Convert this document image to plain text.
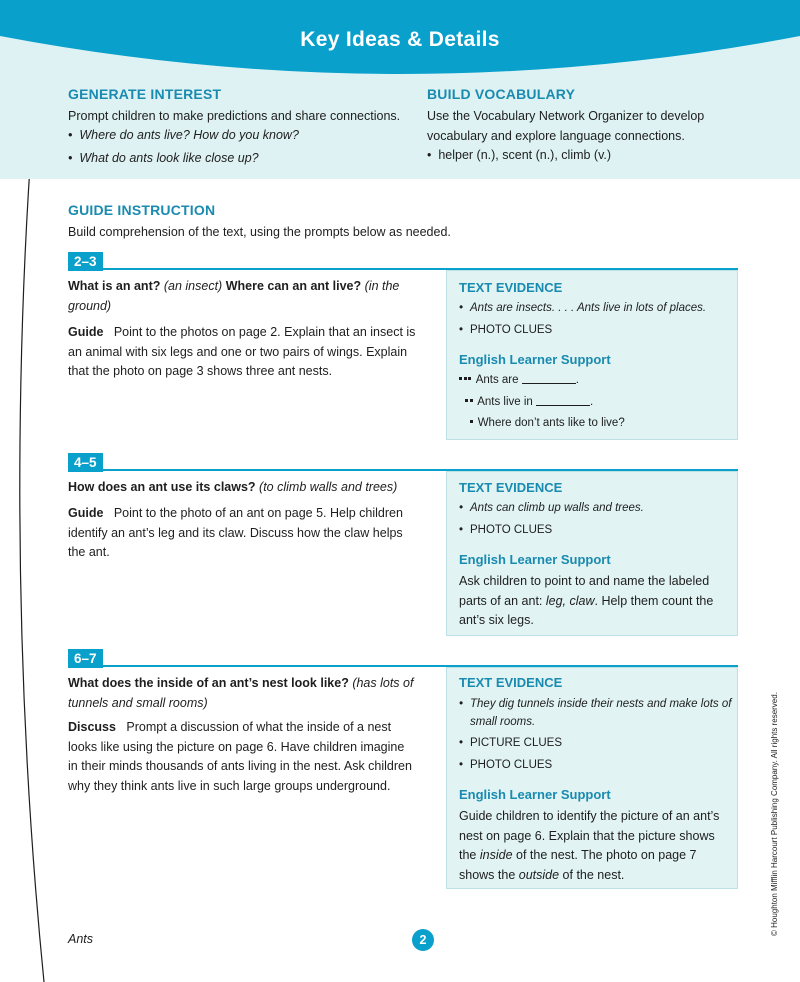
Key Ideas & Details
GENERATE INTEREST
Prompt children to make predictions and share connections.
•  Where do ants live? How do you know?
•  What do ants look like close up?
BUILD VOCABULARY
Use the Vocabulary Network Organizer to develop
vocabulary and explore language connections.
•  helper (n.), scent (n.), climb (v.)
GUIDE INSTRUCTION
Build comprehension of the text, using the prompts below as needed.
2–3
What is an ant? (an insect) Where can an ant live? (in the
ground)
Guide Point to the photos on page 2. Explain that an insect is
an animal with six legs and one or two pairs of wings. Explain
that the photo on page 3 shows three ant nests.
TEXT EVIDENCE
• Ants are insects. . . . Ants live in lots of places.
• PHOTO CLUES
English Learner Support
Ants are	.
Ants live in	.
Where don’t ants like to live?
4–5
How does an ant use its claws? (to climb walls and trees)
Guide Point to the photo of an ant on page 5. Help children
identify an ant’s leg and its claw. Discuss how the claw helps
the ant.
TEXT EVIDENCE
• Ants can climb up walls and trees.
• PHOTO CLUES
English Learner Support
Ask children to point to and name the labeled
parts of an ant: leg, claw. Help them count the
ant’s six legs.
6–7
What does the inside of an ant’s nest look like? (has lots of
tunnels and small rooms)
Discuss Prompt a discussion of what the inside of a nest
looks like using the picture on page 6. Have children imagine
in their minds thousands of ants living in the nest. Ask children
why they think ants live in such large groups underground.
TEXT EVIDENCE
• They dig tunnels inside their nests and make lots of
small rooms.
• PICTURE CLUES
• PHOTO CLUES
English Learner Support
Guide children to identify the picture of an ant’s
nest on page 6. Explain that the picture shows
the inside of the nest. The photo on page 7
shows the outside of the nest.
Ants	2
© Houghton Mifflin Harcourt Publishing Company. All rights reserved.
